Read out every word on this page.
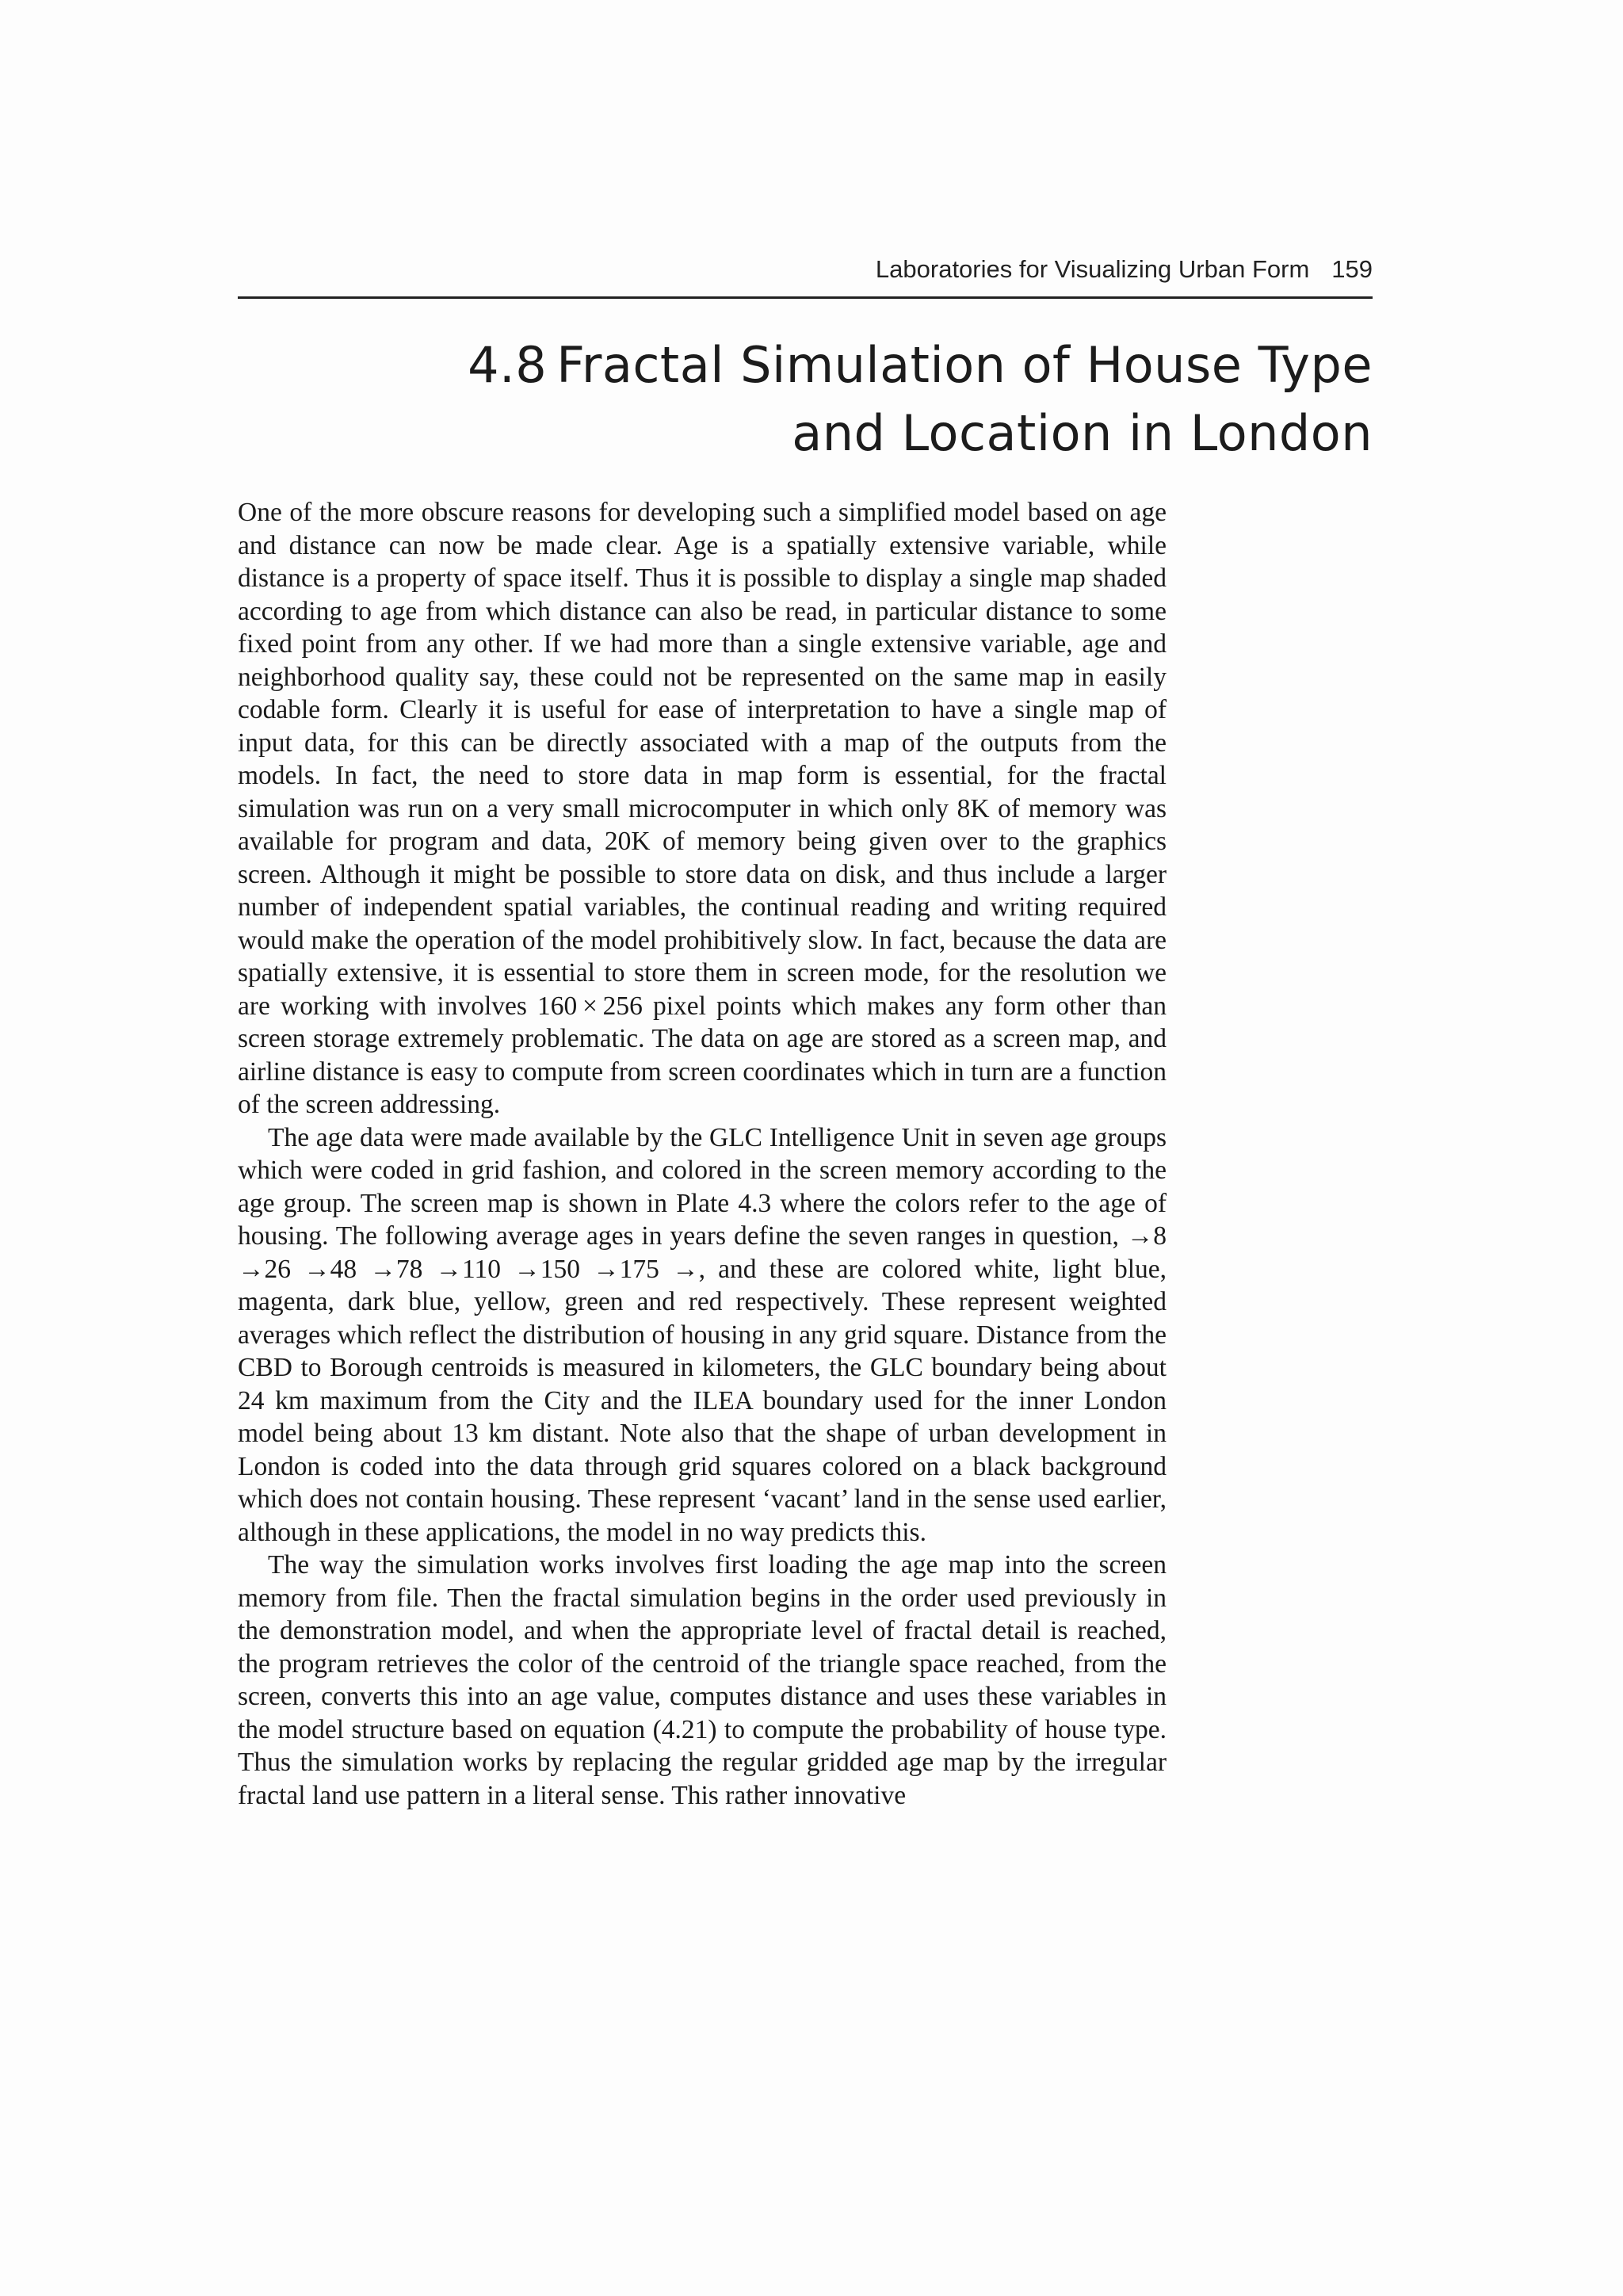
Laboratories for Visualizing Urban Form 159
4.8 Fractal Simulation of House Type and Location in London

One of the more obscure reasons for developing such a simplified model based on age and distance can now be made clear. Age is a spatially extensive variable, while distance is a property of space itself. Thus it is possible to display a single map shaded according to age from which distance can also be read, in particular distance to some fixed point from any other. If we had more than a single extensive variable, age and neighborhood quality say, these could not be represented on the same map in easily codable form. Clearly it is useful for ease of interpretation to have a single map of input data, for this can be directly associated with a map of the outputs from the models. In fact, the need to store data in map form is essential, for the fractal simulation was run on a very small microcomputer in which only 8K of memory was available for program and data, 20K of memory being given over to the graphics screen. Although it might be possible to store data on disk, and thus include a larger number of independent spatial variables, the continual reading and writing required would make the operation of the model prohibitively slow. In fact, because the data are spatially extensive, it is essential to store them in screen mode, for the resolution we are working with involves 160 × 256 pixel points which makes any form other than screen storage extremely problematic. The data on age are stored as a screen map, and airline distance is easy to compute from screen coordinates which in turn are a function of the screen addressing.

The age data were made available by the GLC Intelligence Unit in seven age groups which were coded in grid fashion, and colored in the screen memory according to the age group. The screen map is shown in Plate 4.3 where the colors refer to the age of housing. The following average ages in years define the seven ranges in question, →8 →26 →48 →78 →110 →150 →175 →, and these are colored white, light blue, magenta, dark blue, yellow, green and red respectively. These represent weighted averages which reflect the distribution of housing in any grid square. Distance from the CBD to Borough centroids is measured in kilometers, the GLC boundary being about 24 km maximum from the City and the ILEA boundary used for the inner London model being about 13 km distant. Note also that the shape of urban development in London is coded into the data through grid squares colored on a black background which does not contain housing. These represent ‘vacant’ land in the sense used earlier, although in these applications, the model in no way predicts this.

The way the simulation works involves first loading the age map into the screen memory from file. Then the fractal simulation begins in the order used previously in the demonstration model, and when the appropriate level of fractal detail is reached, the program retrieves the color of the centroid of the triangle space reached, from the screen, converts this into an age value, computes distance and uses these variables in the model structure based on equation (4.21) to compute the probability of house type. Thus the simulation works by replacing the regular gridded age map by the irregular fractal land use pattern in a literal sense. This rather innovative
